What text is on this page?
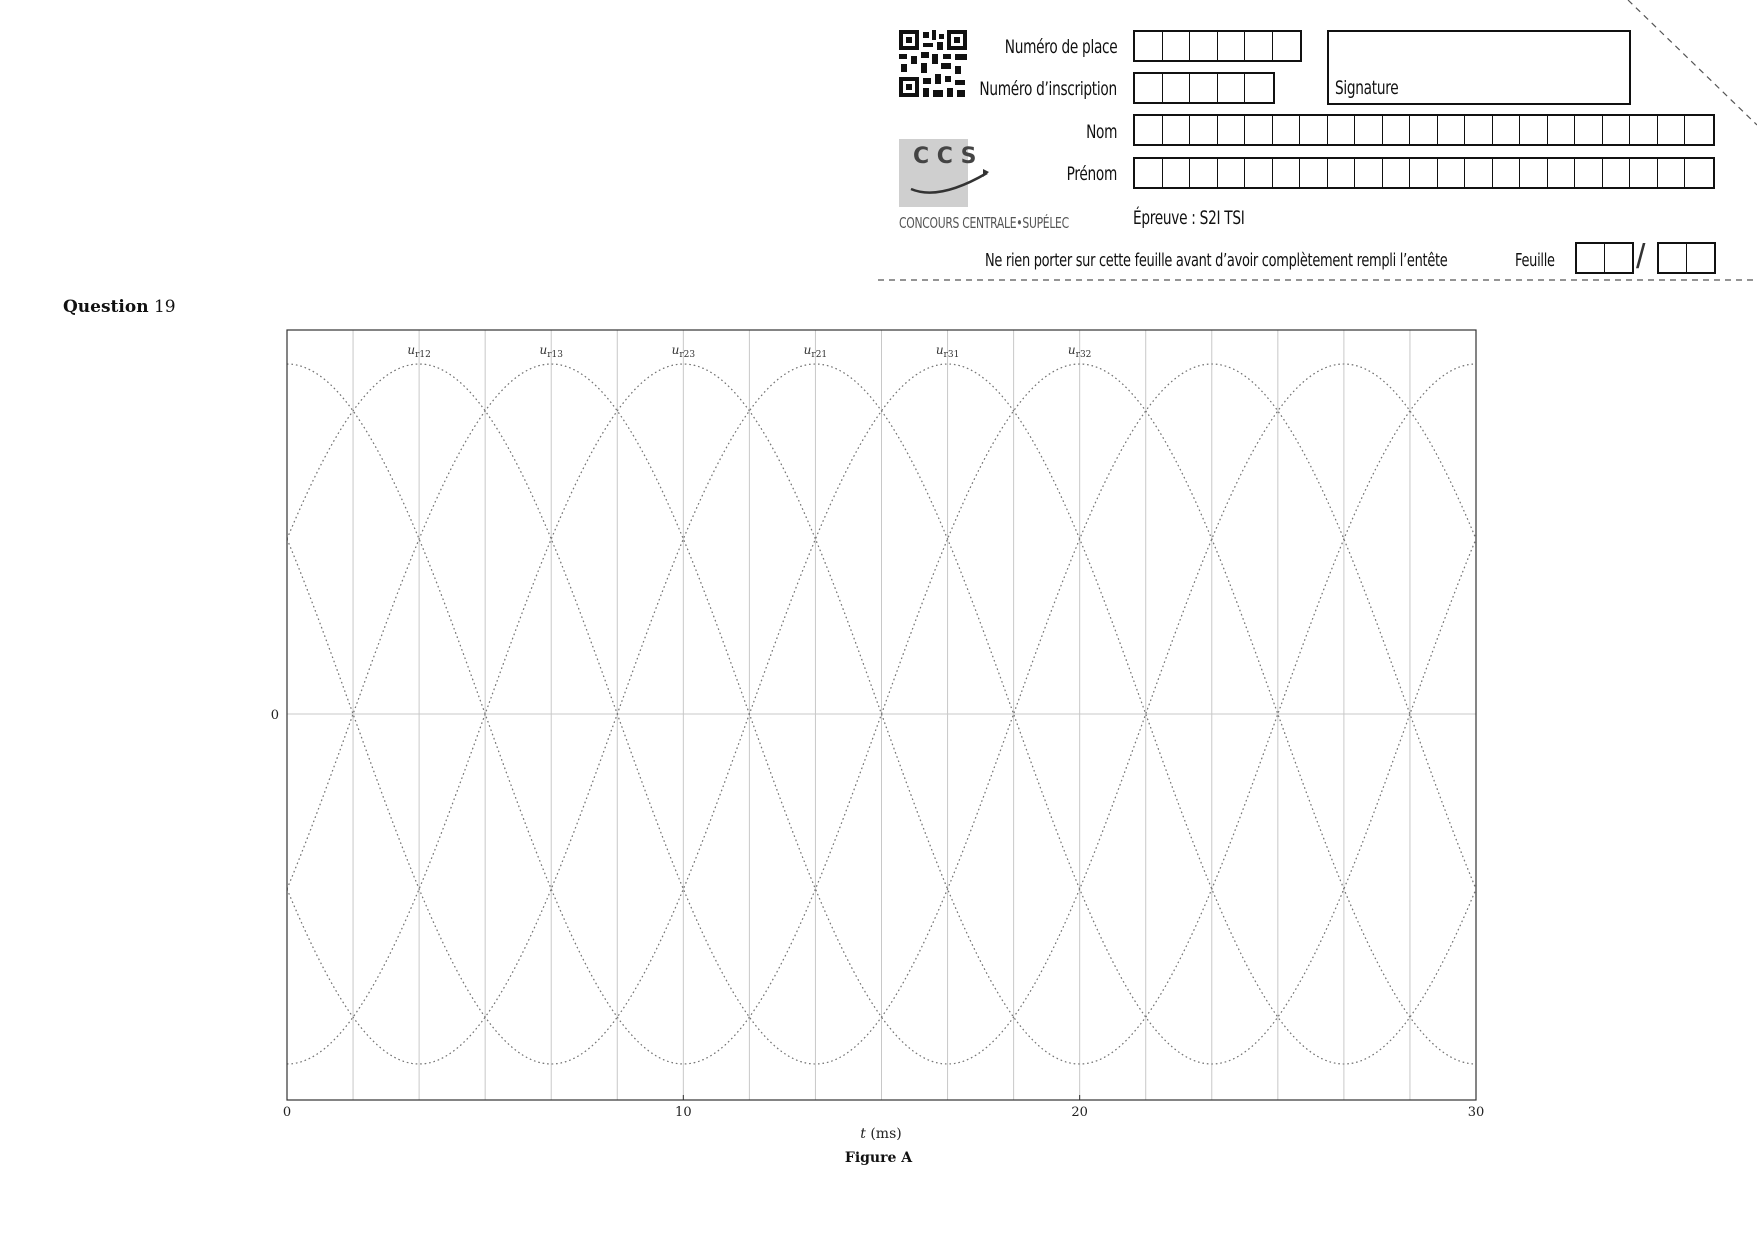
C C S
CONCOURS CENTRALE•SUPÉLEC
Numéro de place
Numéro d’inscription
Nom
Prénom
Signature
Épreuve : S2I TSI
Ne rien porter sur cette feuille avant d’avoir complètement rempli l’entête	Feuille	/
Question 19
0	10	20	30
0
$u_{r12}$	$u_{r13}$	$u_{r23}$	$u_{r21}$	$u_{r31}$	$u_{r32}$
t (ms)
Figure A
